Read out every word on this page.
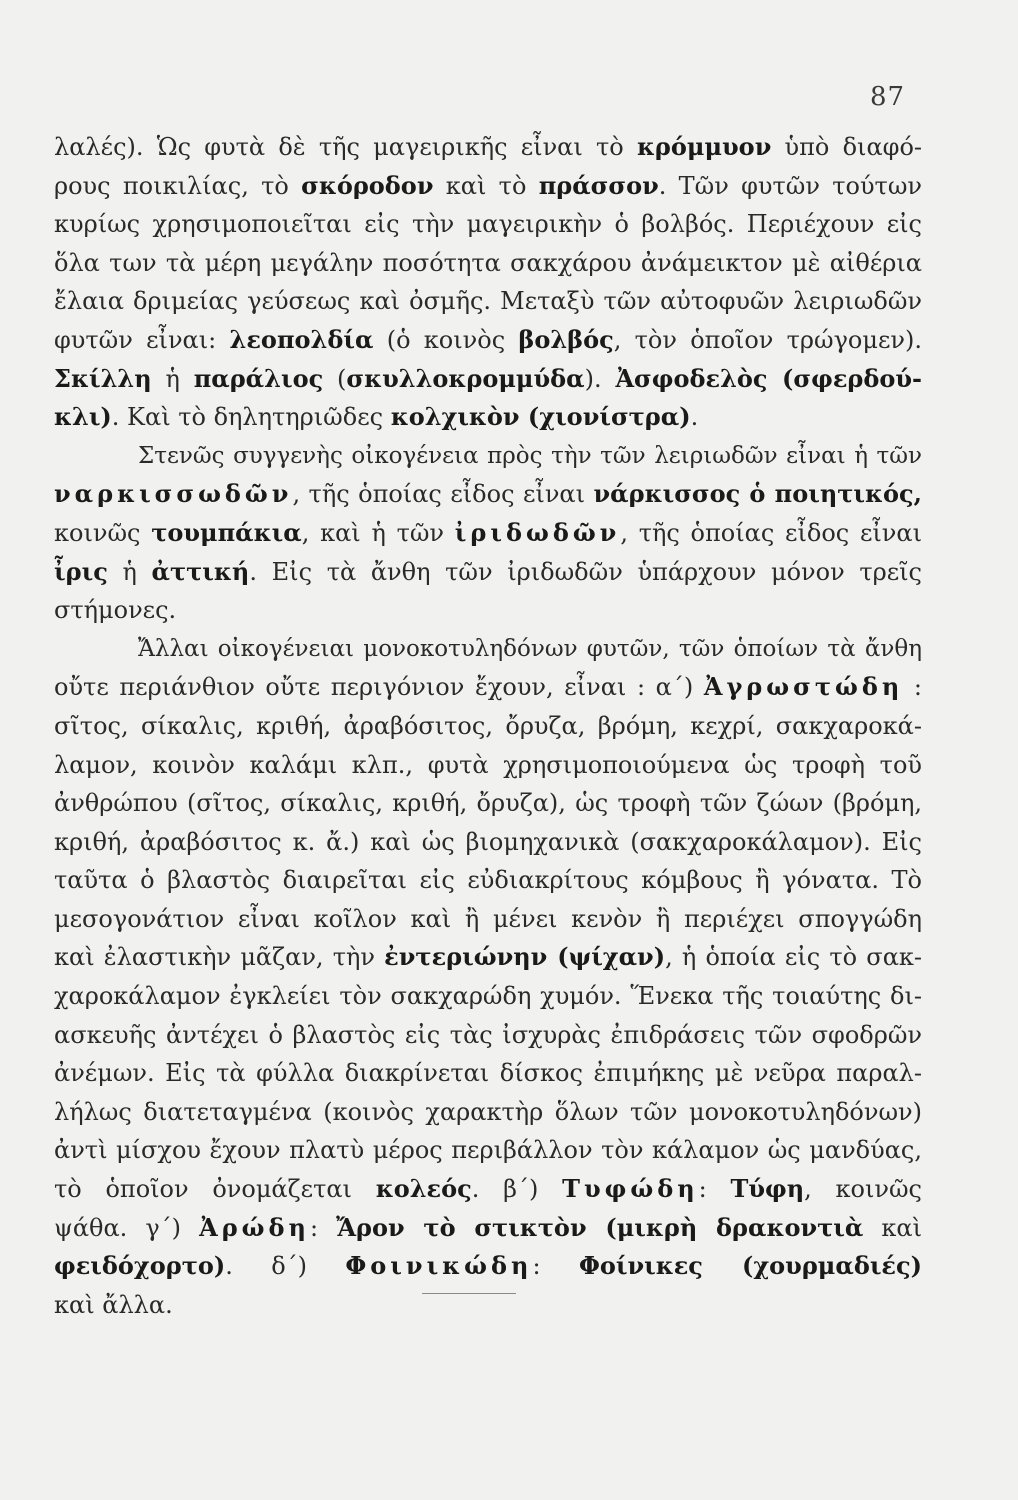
87
λαλές). Ὡς φυτὰ δὲ τῆς μαγειρικῆς εἶναι τὸ κρόμμυον ὑπὸ διαφό-
ρους ποικιλίας, τὸ σκόροδον καὶ τὸ πράσσον. Τῶν φυτῶν τούτων
κυρίως χρησιμοποιεῖται εἰς τὴν μαγειρικὴν ὁ βολβός. Περιέχουν εἰς
ὅλα των τὰ μέρη μεγάλην ποσότητα σακχάρου ἀνάμεικτον μὲ αἰθέρια
ἔλαια δριμείας γεύσεως καὶ ὀσμῆς. Μεταξὺ τῶν αὐτοφυῶν λειριωδῶν
φυτῶν εἶναι: λεοπολδία (ὁ κοινὸς βολβός, τὸν ὁποῖον τρώγομεν).
Σκίλλη ἡ παράλιος (σκυλλοκρομμύδα). Ἀσφοδελὸς (σφερδού-
κλι). Καὶ τὸ δηλητηριῶδες κολχικὸν (χιονίστρα).
Στενῶς συγγενὴς οἰκογένεια πρὸς τὴν τῶν λειριωδῶν εἶναι ἡ τῶν
ναρκισσωδῶν, τῆς ὁποίας εἶδος εἶναι νάρκισσος ὁ ποιητικός,
κοινῶς τουμπάκια, καὶ ἡ τῶν ἰριδωδῶν, τῆς ὁποίας εἶδος εἶναι
ἶρις ἡ ἀττική. Εἰς τὰ ἄνθη τῶν ἰριδωδῶν ὑπάρχουν μόνον τρεῖς
στήμονες.
Ἄλλαι οἰκογένειαι μονοκοτυληδόνων φυτῶν, τῶν ὁποίων τὰ ἄνθη
οὔτε περιάνθιον οὔτε περιγόνιον ἔχουν, εἶναι : α΄) Ἀγρωστώδη :
σῖτος, σίκαλις, κριθή, ἀραβόσιτος, ὄρυζα, βρόμη, κεχρί, σακχαροκά-
λαμον, κοινὸν καλάμι κλπ., φυτὰ χρησιμοποιούμενα ὡς τροφὴ τοῦ
ἀνθρώπου (σῖτος, σίκαλις, κριθή, ὄρυζα), ὡς τροφὴ τῶν ζώων (βρόμη,
κριθή, ἀραβόσιτος κ. ἄ.) καὶ ὡς βιομηχανικὰ (σακχαροκάλαμον). Εἰς
ταῦτα ὁ βλαστὸς διαιρεῖται εἰς εὐδιακρίτους κόμβους ἢ γόνατα. Τὸ
μεσογονάτιον εἶναι κοῖλον καὶ ἢ μένει κενὸν ἢ περιέχει σπογγώδη
καὶ ἐλαστικὴν μᾶζαν, τὴν ἐντεριώνην (ψίχαν), ἡ ὁποία εἰς τὸ σακ-
χαροκάλαμον ἐγκλείει τὸν σακχαρώδη χυμόν. Ἕνεκα τῆς τοιαύτης δι-
ασκευῆς ἀντέχει ὁ βλαστὸς εἰς τὰς ἰσχυρὰς ἐπιδράσεις τῶν σφοδρῶν
ἀνέμων. Εἰς τὰ φύλλα διακρίνεται δίσκος ἐπιμήκης μὲ νεῦρα παραλ-
λήλως διατεταγμένα (κοινὸς χαρακτὴρ ὅλων τῶν μονοκοτυληδόνων)
ἀντὶ μίσχου ἔχουν πλατὺ μέρος περιβάλλον τὸν κάλαμον ὡς μανδύας,
τὸ ὁποῖον ὀνομάζεται κολεός. β΄) Τυφώδη: Τύφη, κοινῶς
ψάθα. γ΄) Ἀρώδη: Ἄρον τὸ στικτὸν (μικρὴ δρακοντιὰ καὶ
φειδόχορτο). δ΄) Φοινικώδη: Φοίνικες (χουρμαδιές)
καὶ ἄλλα.
